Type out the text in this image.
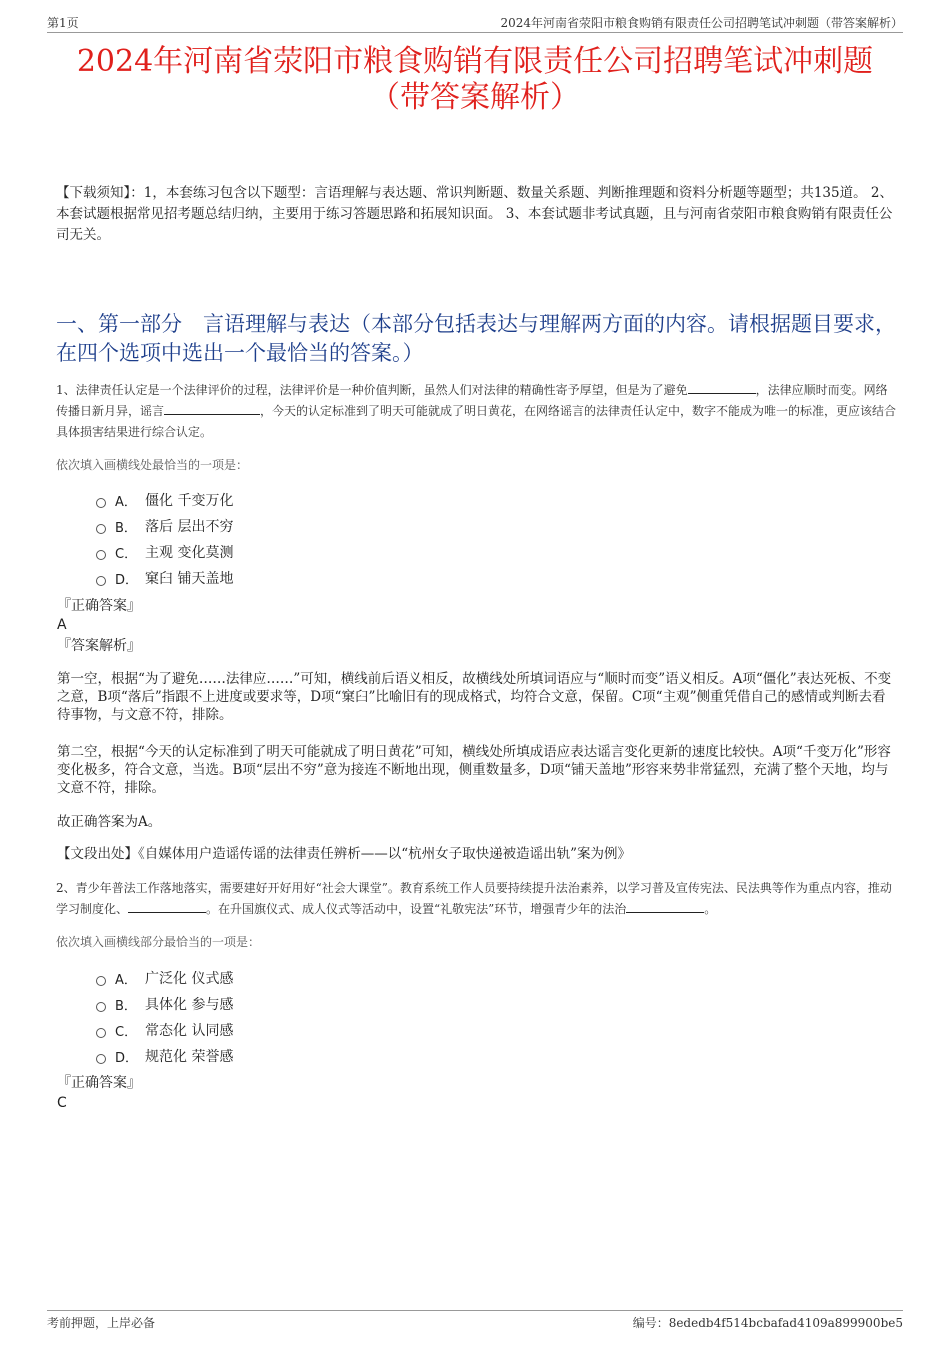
第1页	2024年河南省荥阳市粮食购销有限责任公司招聘笔试冲刺题（带答案解析）
2024年河南省荥阳市粮食购销有限责任公司招聘笔试冲刺题
（带答案解析）
【下载须知】：1，本套练习包含以下题型：言语理解与表达题、常识判断题、数量关系题、判断推理题和资料分析题等题型；共135道。 2、本套试题根据常见招考题总结归纳，主要用于练习答题思路和拓展知识面。 3、本套试题非考试真题，且与河南省荥阳市粮食购销有限责任公司无关。
一、第一部分　言语理解与表达（本部分包括表达与理解两方面的内容。请根据题目要求，在四个选项中选出一个最恰当的答案。）
1、法律责任认定是一个法律评价的过程，法律评价是一种价值判断，虽然人们对法律的精确性寄予厚望，但是为了避免	，法律应顺时而变。网络传播日新月异，谣言	，今天的认定标准到了明天可能就成了明日黄花，在网络谣言的法律责任认定中，数字不能成为唯一的标准，更应该结合具体损害结果进行综合认定。
依次填入画横线处最恰当的一项是：
A． 僵化 千变万化
B． 落后 层出不穷
C． 主观 变化莫测
D． 窠臼 铺天盖地
『正确答案』
A
『答案解析』
第一空，根据“为了避免……法律应……”可知，横线前后语义相反，故横线处所填词语应与“顺时而变”语义相反。A项“僵化”表达死板、不变之意，B项“落后”指跟不上进度或要求等，D项“窠臼”比喻旧有的现成格式，均符合文意，保留。C项“主观”侧重凭借自己的感情或判断去看待事物，与文意不符，排除。
第二空，根据“今天的认定标准到了明天可能就成了明日黄花”可知，横线处所填成语应表达谣言变化更新的速度比较快。A项“千变万化”形容变化极多，符合文意，当选。B项“层出不穷”意为接连不断地出现，侧重数量多，D项“铺天盖地”形容来势非常猛烈，充满了整个天地，均与文意不符，排除。
故正确答案为A。
【文段出处】《自媒体用户造谣传谣的法律责任辨析——以“杭州女子取快递被造谣出轨”案为例》
2、青少年普法工作落地落实，需要建好开好用好“社会大课堂”。教育系统工作人员要持续提升法治素养，以学习普及宣传宪法、民法典等作为重点内容，推动学习制度化、	。在升国旗仪式、成人仪式等活动中，设置“礼敬宪法”环节，增强青少年的法治	。
依次填入画横线部分最恰当的一项是：
A． 广泛化 仪式感
B． 具体化 参与感
C． 常态化 认同感
D． 规范化 荣誉感
『正确答案』
C
考前押题，上岸必备	编号：8ededb4f514bcbafad4109a899900be5
